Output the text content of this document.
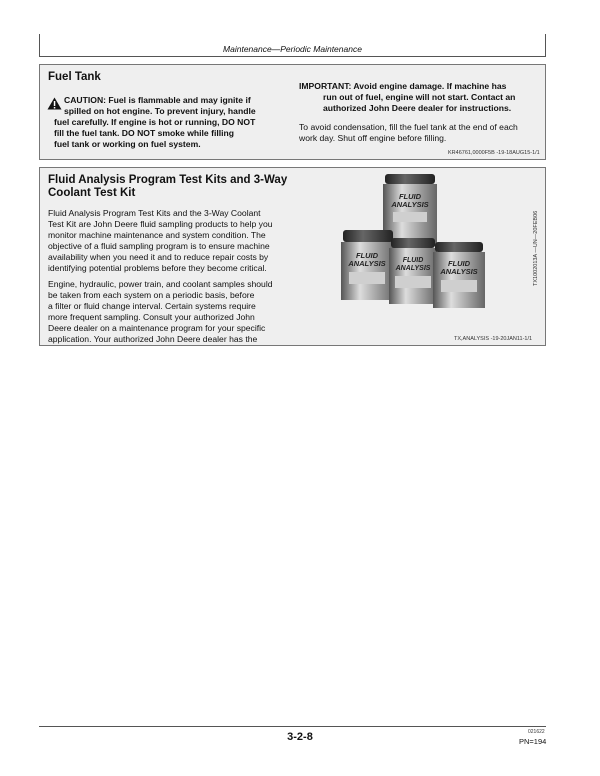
Maintenance—Periodic Maintenance
Fuel Tank
CAUTION: Fuel is flammable and may ignite if
spilled on hot engine. To prevent injury, handle
fuel carefully. If engine is hot or running, DO NOT
fill the fuel tank. DO NOT smoke while filling
fuel tank or working on fuel system.
IMPORTANT: Avoid engine damage. If machine has
run out of fuel, engine will not start. Contact an
authorized John Deere dealer for instructions.
To avoid condensation, fill the fuel tank at the end of each
work day. Shut off engine before filling.
KR46761,0000F5B -19-18AUG15-1/1
Fluid Analysis Program Test Kits and 3-Way
Coolant Test Kit
Fluid Analysis Program Test Kits and the 3-Way Coolant
Test Kit are John Deere fluid sampling products to help you
monitor machine maintenance and system condition. The
objective of a fluid sampling program is to ensure machine
availability when you need it and to reduce repair costs by
identifying potential problems before they become critical.
Engine, hydraulic, power train, and coolant samples should
be taken from each system on a periodic basis, before
a filter or fluid change interval. Certain systems require
more frequent sampling. Consult your authorized John
Deere dealer on a maintenance program for your specific
application. Your authorized John Deere dealer has the
FLUID
ANALYSIS
FLUID
ANALYSIS FLUID
ANALYSIS
FLUID
ANALYSIS	TX1002013A —UN—20FEB06
TX,ANALYSIS -19-20JAN11-1/1
3-2-8	021622
PN=194
